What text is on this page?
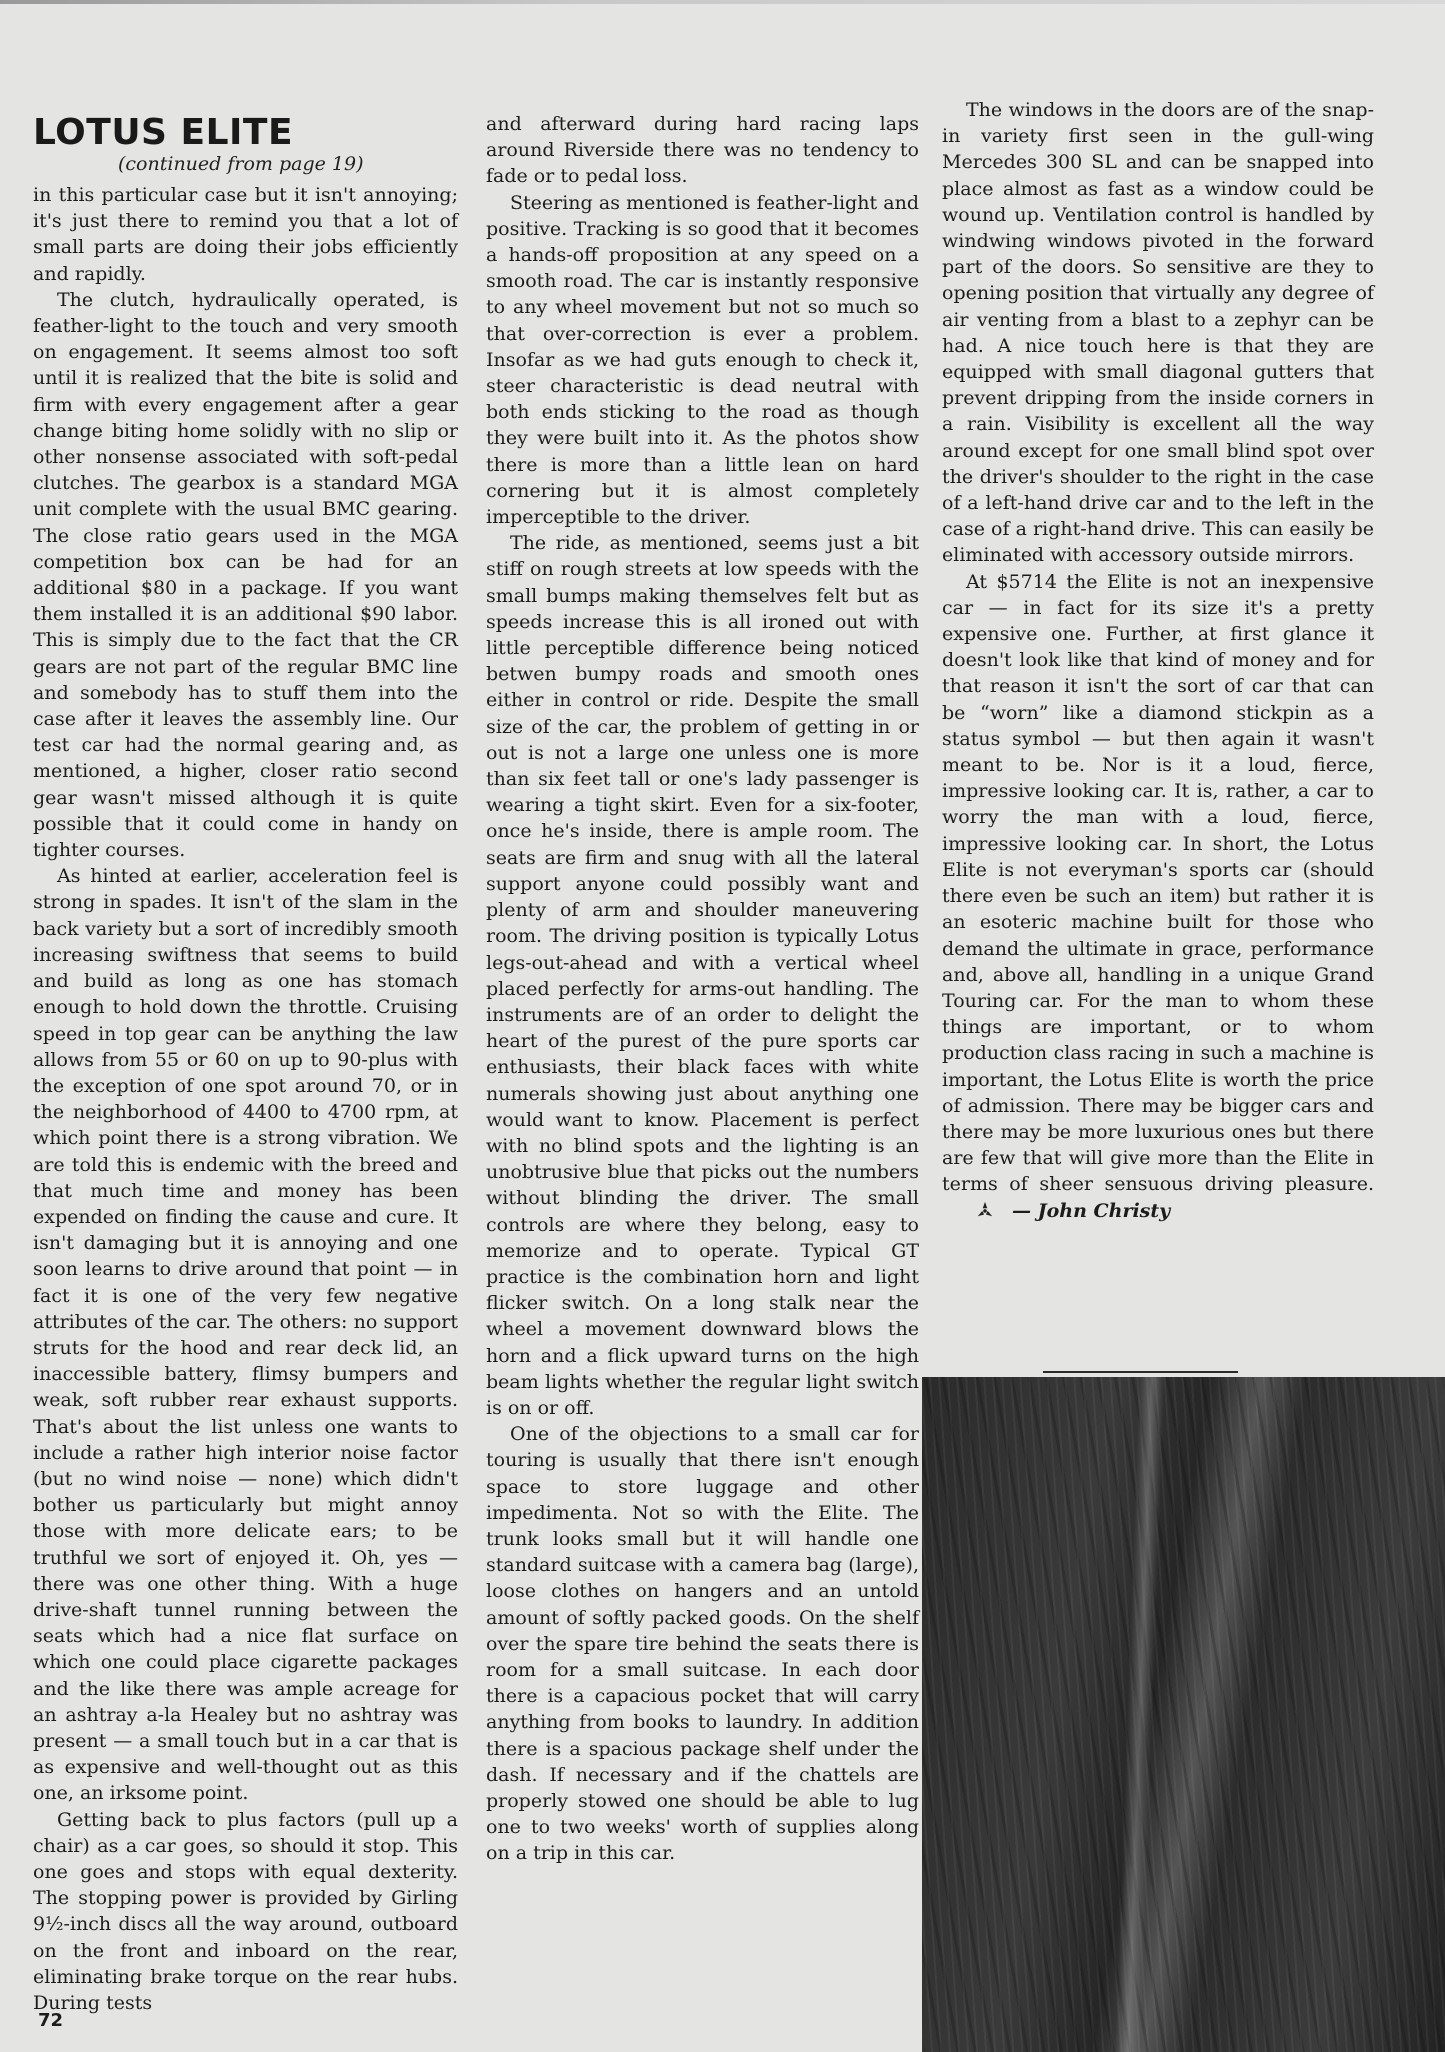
LOTUS ELITE
(continued from page 19)

in this particular case but it isn't annoying; it's just there to remind you that a lot of small parts are doing their jobs efficiently and rapidly.

The clutch, hydraulically operated, is feather-light to the touch and very smooth on engagement. It seems almost too soft until it is realized that the bite is solid and firm with every engagement after a gear change biting home solidly with no slip or other nonsense associated with soft-pedal clutches. The gearbox is a standard MGA unit complete with the usual BMC gearing. The close ratio gears used in the MGA competition box can be had for an additional $80 in a package. If you want them installed it is an additional $90 labor. This is simply due to the fact that the CR gears are not part of the regular BMC line and somebody has to stuff them into the case after it leaves the assembly line. Our test car had the normal gearing and, as mentioned, a higher, closer ratio second gear wasn't missed although it is quite possible that it could come in handy on tighter courses.

As hinted at earlier, acceleration feel is strong in spades. It isn't of the slam in the back variety but a sort of incredibly smooth increasing swiftness that seems to build and build as long as one has stomach enough to hold down the throttle. Cruising speed in top gear can be anything the law allows from 55 or 60 on up to 90-plus with the exception of one spot around 70, or in the neighborhood of 4400 to 4700 rpm, at which point there is a strong vibration. We are told this is endemic with the breed and that much time and money has been expended on finding the cause and cure. It isn't damaging but it is annoying and one soon learns to drive around that point — in fact it is one of the very few negative attributes of the car. The others: no support struts for the hood and rear deck lid, an inaccessible battery, flimsy bumpers and weak, soft rubber rear exhaust supports. That's about the list unless one wants to include a rather high interior noise factor (but no wind noise — none) which didn't bother us particularly but might annoy those with more delicate ears; to be truthful we sort of enjoyed it. Oh, yes — there was one other thing. With a huge drive-shaft tunnel running between the seats which had a nice flat surface on which one could place cigarette packages and the like there was ample acreage for an ashtray a-la Healey but no ashtray was present — a small touch but in a car that is as expensive and well-thought out as this one, an irksome point.

Getting back to plus factors (pull up a chair) as a car goes, so should it stop. This one goes and stops with equal dexterity. The stopping power is provided by Girling 9½-inch discs all the way around, outboard on the front and inboard on the rear, eliminating brake torque on the rear hubs. During tests

and afterward during hard racing laps around Riverside there was no tendency to fade or to pedal loss.

Steering as mentioned is feather-light and positive. Tracking is so good that it becomes a hands-off proposition at any speed on a smooth road. The car is instantly responsive to any wheel movement but not so much so that over-correction is ever a problem. Insofar as we had guts enough to check it, steer characteristic is dead neutral with both ends sticking to the road as though they were built into it. As the photos show there is more than a little lean on hard cornering but it is almost completely imperceptible to the driver.

The ride, as mentioned, seems just a bit stiff on rough streets at low speeds with the small bumps making themselves felt but as speeds increase this is all ironed out with little perceptible difference being noticed betwen bumpy roads and smooth ones either in control or ride. Despite the small size of the car, the problem of getting in or out is not a large one unless one is more than six feet tall or one's lady passenger is wearing a tight skirt. Even for a six-footer, once he's inside, there is ample room. The seats are firm and snug with all the lateral support anyone could possibly want and plenty of arm and shoulder maneuvering room. The driving position is typically Lotus legs-out-ahead and with a vertical wheel placed perfectly for arms-out handling. The instruments are of an order to delight the heart of the purest of the pure sports car enthusiasts, their black faces with white numerals showing just about anything one would want to know. Placement is perfect with no blind spots and the lighting is an unobtrusive blue that picks out the numbers without blinding the driver. The small controls are where they belong, easy to memorize and to operate. Typical GT practice is the combination horn and light flicker switch. On a long stalk near the wheel a movement downward blows the horn and a flick upward turns on the high beam lights whether the regular light switch is on or off.

One of the objections to a small car for touring is usually that there isn't enough space to store luggage and other impedimenta. Not so with the Elite. The trunk looks small but it will handle one standard suitcase with a camera bag (large), loose clothes on hangers and an untold amount of softly packed goods. On the shelf over the spare tire behind the seats there is room for a small suitcase. In each door there is a capacious pocket that will carry anything from books to laundry. In addition there is a spacious package shelf under the dash. If necessary and if the chattels are properly stowed one should be able to lug one to two weeks' worth of supplies along on a trip in this car.

The windows in the doors are of the snap-in variety first seen in the gull-wing Mercedes 300 SL and can be snapped into place almost as fast as a window could be wound up. Ventilation control is handled by windwing windows pivoted in the forward part of the doors. So sensitive are they to opening position that virtually any degree of air venting from a blast to a zephyr can be had. A nice touch here is that they are equipped with small diagonal gutters that prevent dripping from the inside corners in a rain. Visibility is excellent all the way around except for one small blind spot over the driver's shoulder to the right in the case of a left-hand drive car and to the left in the case of a right-hand drive. This can easily be eliminated with accessory outside mirrors.

At $5714 the Elite is not an inexpensive car — in fact for its size it's a pretty expensive one. Further, at first glance it doesn't look like that kind of money and for that reason it isn't the sort of car that can be “worn” like a diamond stickpin as a status symbol — but then again it wasn't meant to be. Nor is it a loud, fierce, impressive looking car. It is, rather, a car to worry the man with a loud, fierce, impressive looking car. In short, the Lotus Elite is not everyman's sports car (should there even be such an item) but rather it is an esoteric machine built for those who demand the ultimate in grace, performance and, above all, handling in a unique Grand Touring car. For the man to whom these things are important, or to whom production class racing in such a machine is important, the Lotus Elite is worth the price of admission. There may be bigger cars and there may be more luxurious ones but there are few that will give more than the Elite in terms of sheer sensuous driving pleasure.— John Christy

72
